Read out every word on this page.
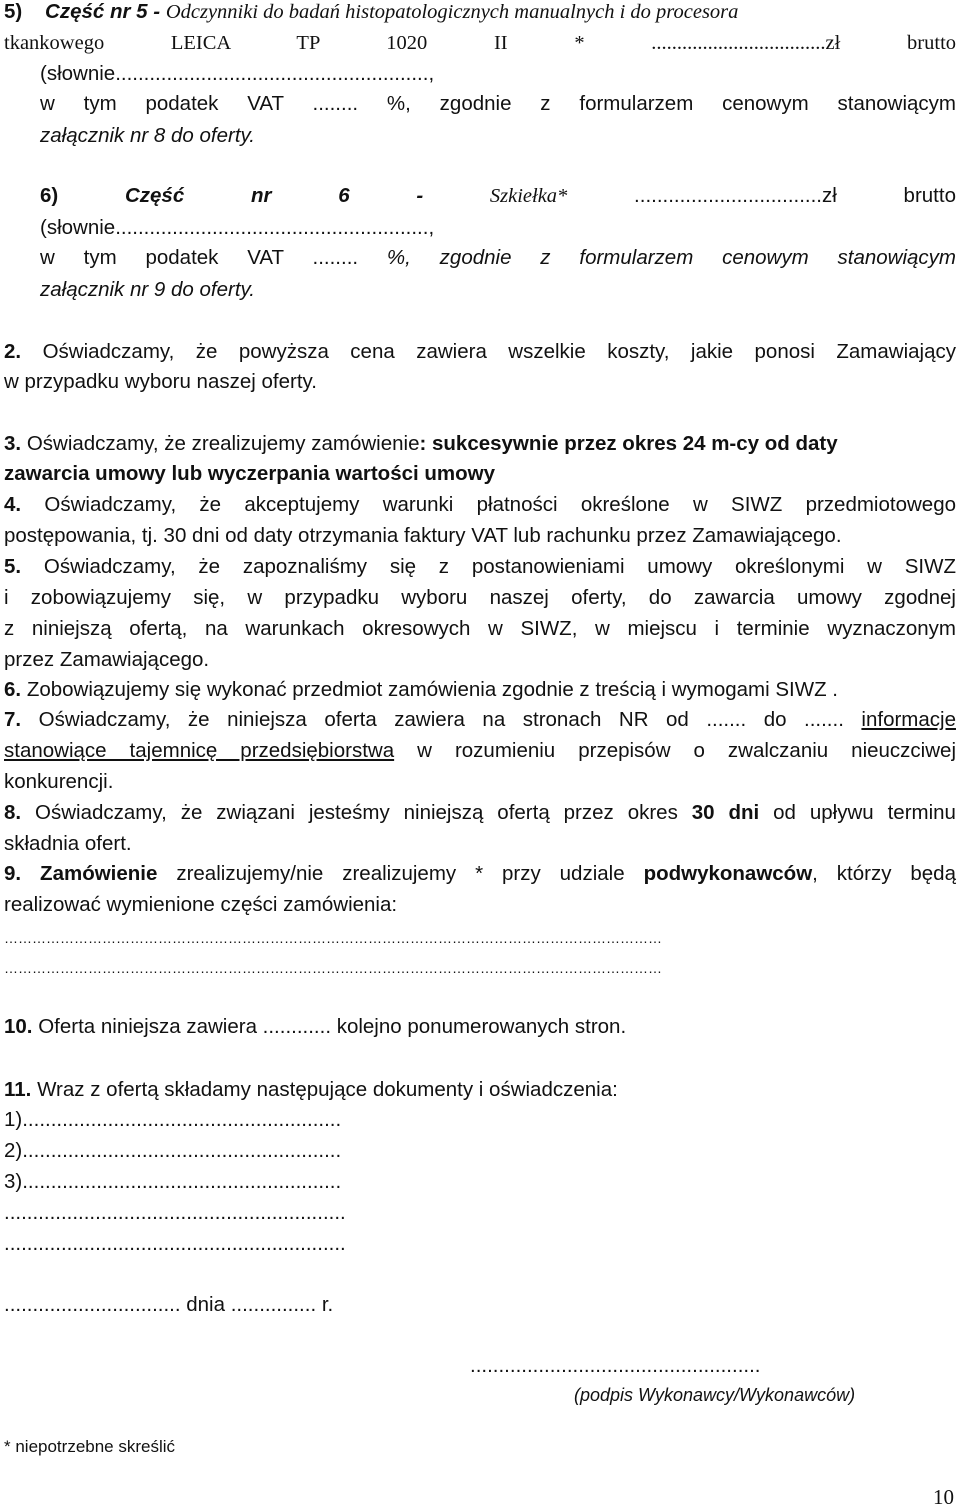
5) Część nr 5 - Odczynniki do badań histopatologicznych manualnych i do procesora
tkankowego LEICA TP 1020 II *	..................................zł	brutto
(słownie.......................................................,
w tym podatek VAT ........ %, zgodnie z formularzem cenowym stanowiącym
załącznik nr 8 do oferty.
6)	Część nr 6 -	Szkiełka*	.................................zł	brutto
(słownie.......................................................,
w tym podatek VAT ........ %, zgodnie z formularzem cenowym stanowiącym
załącznik nr 9 do oferty.
2. Oświadczamy, że powyższa cena zawiera wszelkie koszty, jakie ponosi Zamawiający
w przypadku wyboru naszej oferty.
3. Oświadczamy, że zrealizujemy zamówienie: sukcesywnie przez okres 24 m-cy od daty
zawarcia umowy lub wyczerpania wartości umowy
4. Oświadczamy, że akceptujemy warunki płatności określone w SIWZ przedmiotowego
postępowania, tj. 30 dni od daty otrzymania faktury VAT lub rachunku przez Zamawiającego.
5. Oświadczamy, że zapoznaliśmy się z postanowieniami umowy określonymi w SIWZ
i zobowiązujemy się, w przypadku wyboru naszej oferty, do zawarcia umowy zgodnej
z niniejszą ofertą, na warunkach okresowych w SIWZ, w miejscu i terminie wyznaczonym
przez Zamawiającego.
6. Zobowiązujemy się wykonać przedmiot zamówienia zgodnie z treścią i wymogami SIWZ .
7. Oświadczamy, że niniejsza oferta zawiera na stronach NR od ....... do ....... informacje
stanowiące tajemnicę przedsiębiorstwa w rozumieniu przepisów o zwalczaniu nieuczciwej
konkurencji.
8. Oświadczamy, że związani jesteśmy niniejszą ofertą przez okres 30 dni od upływu terminu
składnia ofert.
9. Zamówienie zrealizujemy/nie zrealizujemy * przy udziale podwykonawców, którzy będą
realizować wymienione części zamówienia:
……………………………………………………………………………………………………………………………
……………………………………………………………………………………………………………………………
10. Oferta niniejsza zawiera ............ kolejno ponumerowanych stron.
11. Wraz z ofertą składamy następujące dokumenty i oświadczenia:
1)........................................................
2)........................................................
3)........................................................
............................................................
............................................................
............................... dnia ............... r.
...................................................
(podpis Wykonawcy/Wykonawców)
* niepotrzebne skreślić
10
